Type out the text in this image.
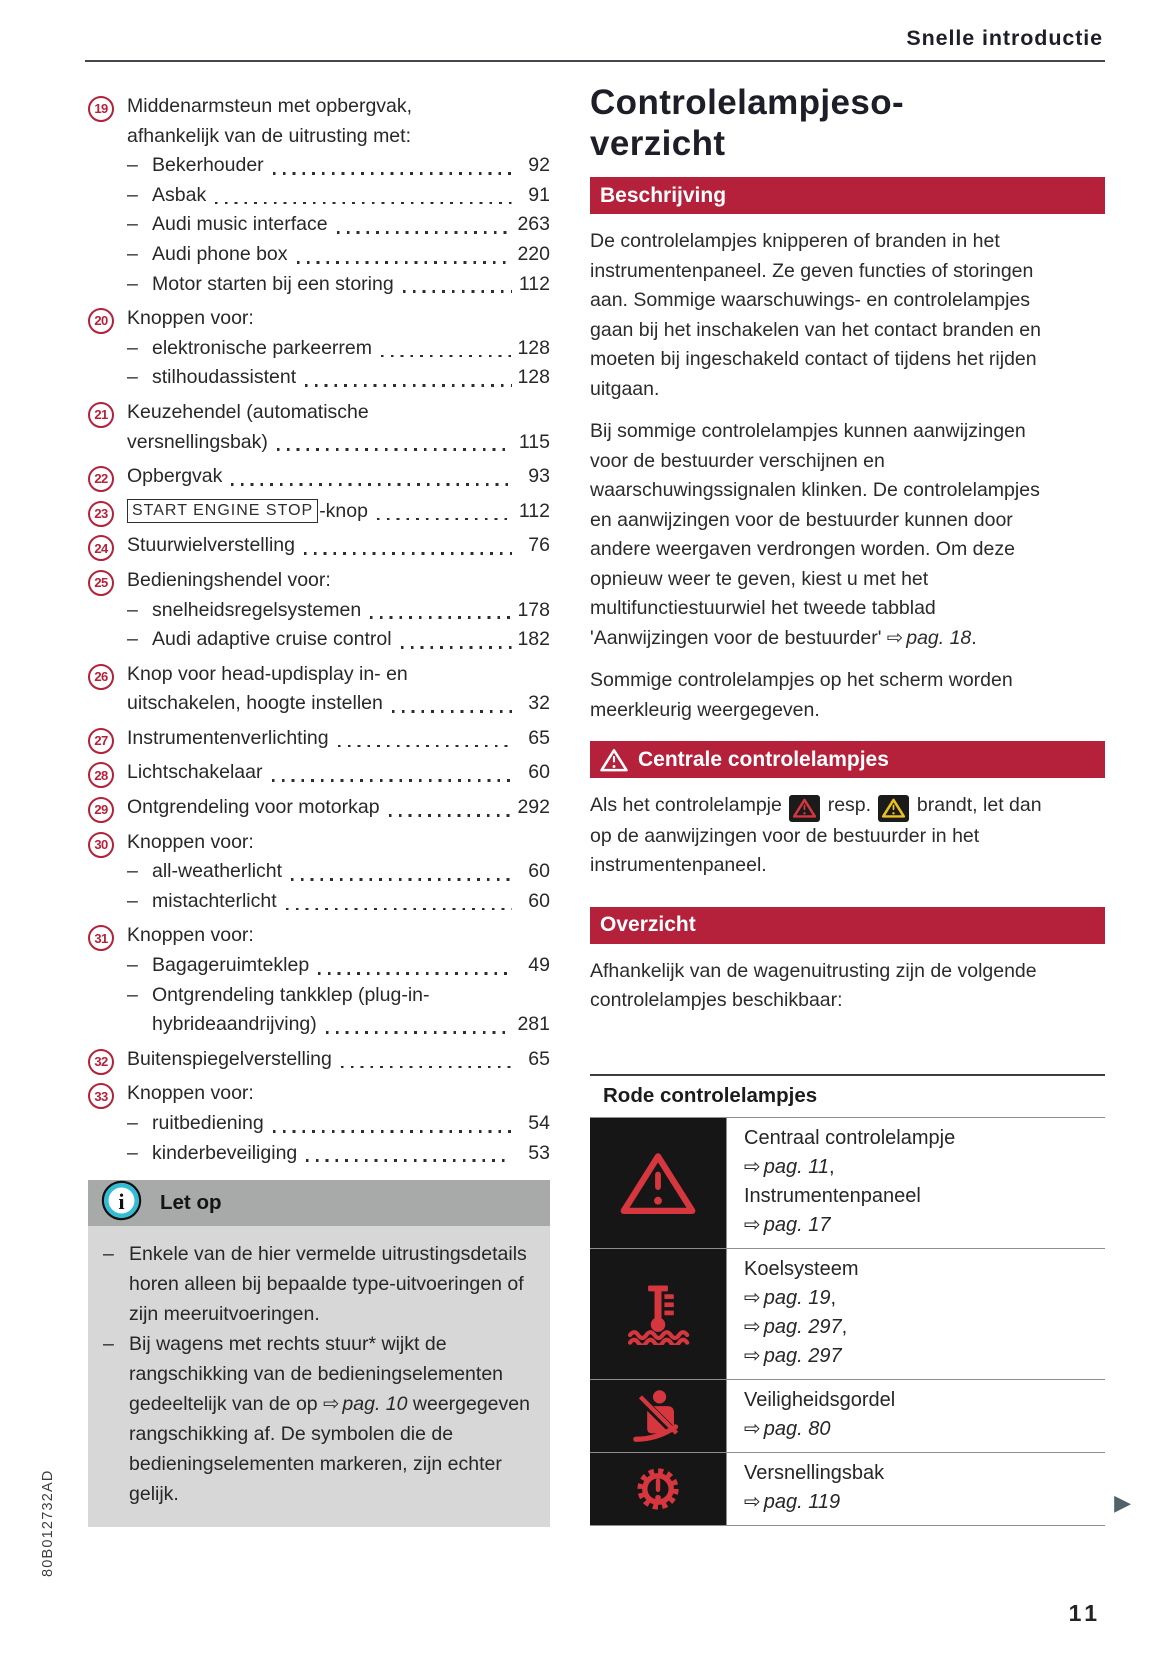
Snelle introductie
19 Middenarmsteun met opbergvak,
afhankelijk van de uitrusting met:
– Bekerhouder	92
– Asbak	91
– Audi music interface	263
– Audi phone box	220
– Motor starten bij een storing	112
20 Knoppen voor:
– elektronische parkeerrem	128
– stilhoudassistent	128
21 Keuzehendel (automatische
versnellingsbak)	115
22 Opbergvak	93
23	START ENGINE STOP -knop	112
24 Stuurwielverstelling	76
25 Bedieningshendel voor:
– snelheidsregelsystemen	178
– Audi adaptive cruise control	182
26 Knop voor head-updisplay in- en
uitschakelen, hoogte instellen	32
27 Instrumentenverlichting	65
28 Lichtschakelaar	60
29 Ontgrendeling voor motorkap	292
30 Knoppen voor:
– all-weatherlicht	60
– mistachterlicht	60
31 Knoppen voor:
– Bagageruimteklep	49
– Ontgrendeling tankklep (plug-in-
hybrideaandrijving)	281
32 Buitenspiegelverstelling	65
33 Knoppen voor:
– ruitbediening	54
– kinderbeveiliging	53
i Let op
– Enkele van de hier vermelde uitrustingsdetails horen alleen bij bepaalde type-uitvoeringen of zijn meeruitvoeringen.
– Bij wagens met rechts stuur* wijkt de rangschikking van de bedieningselementen gedeeltelijk van de op ⇨ pag. 10 weergegeven rangschikking af. De symbolen die de bedieningselementen markeren, zijn echter gelijk.
80B012732AD
Controlelampjeso-
verzicht
Beschrijving

De controlelampjes knipperen of branden in het instrumentenpaneel. Ze geven functies of storingen aan. Sommige waarschuwings- en controlelampjes gaan bij het inschakelen van het contact branden en moeten bij ingeschakeld contact of tijdens het rijden uitgaan.

Bij sommige controlelampjes kunnen aanwijzingen voor de bestuurder verschijnen en waarschuwingssignalen klinken. De controlelampjes en aanwijzingen voor de bestuurder kunnen door andere weergaven verdrongen worden. Om deze opnieuw weer te geven, kiest u met het multifunctiestuurwiel het tweede tabblad 'Aanwijzingen voor de bestuurder' ⇨ pag. 18.

Sommige controlelampjes op het scherm worden meerkleurig weergegeven.

Centrale controlelampjes

Als het controlelampje
resp.
brandt, let dan op de aanwijzingen voor de bestuurder in het instrumentenpaneel.

Overzicht

Afhankelijk van de wagenuitrusting zijn de volgende controlelampjes beschikbaar:

Rode controlelampjes
Centraal controlelampje
⇨ pag. 11,
Instrumentenpaneel
⇨ pag. 17
Koelsysteem
⇨ pag. 19,
⇨ pag. 297,
⇨ pag. 297
Veiligheidsgordel
⇨ pag. 80
Versnellingsbak
⇨ pag. 119	▶
11
